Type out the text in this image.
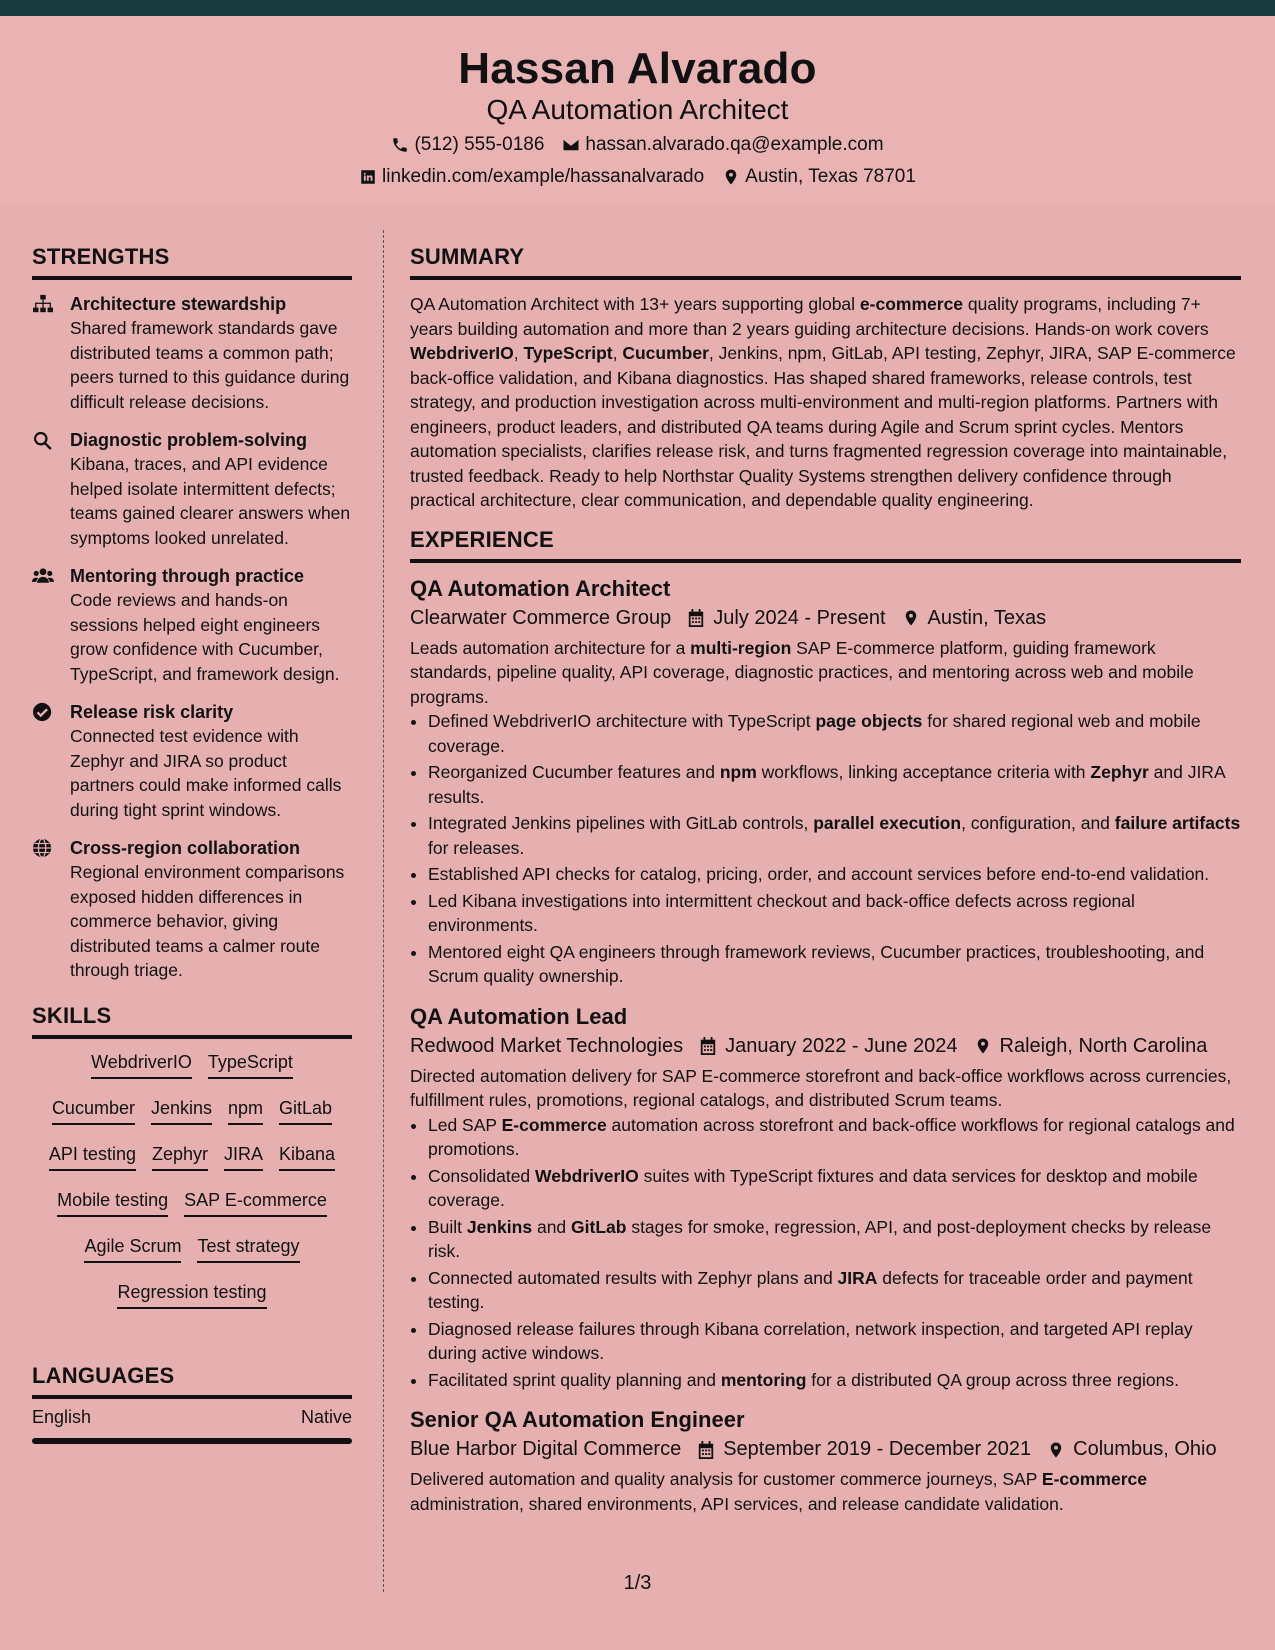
Hassan Alvarado
QA Automation Architect
(512) 555-0186 hassan.alvarado.qa@example.com
linkedin.com/example/hassanalvarado Austin, Texas 78701
STRENGTHS
Architecture stewardship
Shared framework standards gave distributed teams a common path; peers turned to this guidance during difficult release decisions.
Diagnostic problem-solving
Kibana, traces, and API evidence helped isolate intermittent defects; teams gained clearer answers when symptoms looked unrelated.
Mentoring through practice
Code reviews and hands-on sessions helped eight engineers grow confidence with Cucumber, TypeScript, and framework design.
Release risk clarity
Connected test evidence with Zephyr and JIRA so product partners could make informed calls during tight sprint windows.
Cross-region collaboration
Regional environment comparisons exposed hidden differences in commerce behavior, giving distributed teams a calmer route through triage.
SKILLS
WebdriverIO TypeScript
Cucumber Jenkins npm GitLab
API testing Zephyr JIRA Kibana
Mobile testing SAP E-commerce
Agile Scrum Test strategy
Regression testing
LANGUAGES
English	Native
SUMMARY
QA Automation Architect with 13+ years supporting global e-commerce quality programs, including 7+ years building automation and more than 2 years guiding architecture decisions. Hands-on work covers WebdriverIO, TypeScript, Cucumber, Jenkins, npm, GitLab, API testing, Zephyr, JIRA, SAP E-commerce back-office validation, and Kibana diagnostics. Has shaped shared frameworks, release controls, test strategy, and production investigation across multi-environment and multi-region platforms. Partners with engineers, product leaders, and distributed QA teams during Agile and Scrum sprint cycles. Mentors automation specialists, clarifies release risk, and turns fragmented regression coverage into maintainable, trusted feedback. Ready to help Northstar Quality Systems strengthen delivery confidence through practical architecture, clear communication, and dependable quality engineering.
EXPERIENCE
QA Automation Architect
Clearwater Commerce Group July 2024 - Present Austin, Texas
Leads automation architecture for a multi-region SAP E-commerce platform, guiding framework standards, pipeline quality, API coverage, diagnostic practices, and mentoring across web and mobile programs.
• Defined WebdriverIO architecture with TypeScript page objects for shared regional web and mobile coverage.
• Reorganized Cucumber features and npm workflows, linking acceptance criteria with Zephyr and JIRA results.
• Integrated Jenkins pipelines with GitLab controls, parallel execution, configuration, and failure artifacts for releases.
• Established API checks for catalog, pricing, order, and account services before end-to-end validation.
• Led Kibana investigations into intermittent checkout and back-office defects across regional environments.
• Mentored eight QA engineers through framework reviews, Cucumber practices, troubleshooting, and Scrum quality ownership.
QA Automation Lead
Redwood Market Technologies January 2022 - June 2024 Raleigh, North Carolina
Directed automation delivery for SAP E-commerce storefront and back-office workflows across currencies, fulfillment rules, promotions, regional catalogs, and distributed Scrum teams.
• Led SAP E-commerce automation across storefront and back-office workflows for regional catalogs and promotions.
• Consolidated WebdriverIO suites with TypeScript fixtures and data services for desktop and mobile coverage.
• Built Jenkins and GitLab stages for smoke, regression, API, and post-deployment checks by release risk.
• Connected automated results with Zephyr plans and JIRA defects for traceable order and payment testing.
• Diagnosed release failures through Kibana correlation, network inspection, and targeted API replay during active windows.
• Facilitated sprint quality planning and mentoring for a distributed QA group across three regions.
Senior QA Automation Engineer
Blue Harbor Digital Commerce September 2019 - December 2021 Columbus, Ohio
Delivered automation and quality analysis for customer commerce journeys, SAP E-commerce administration, shared environments, API services, and release candidate validation.
1/3
